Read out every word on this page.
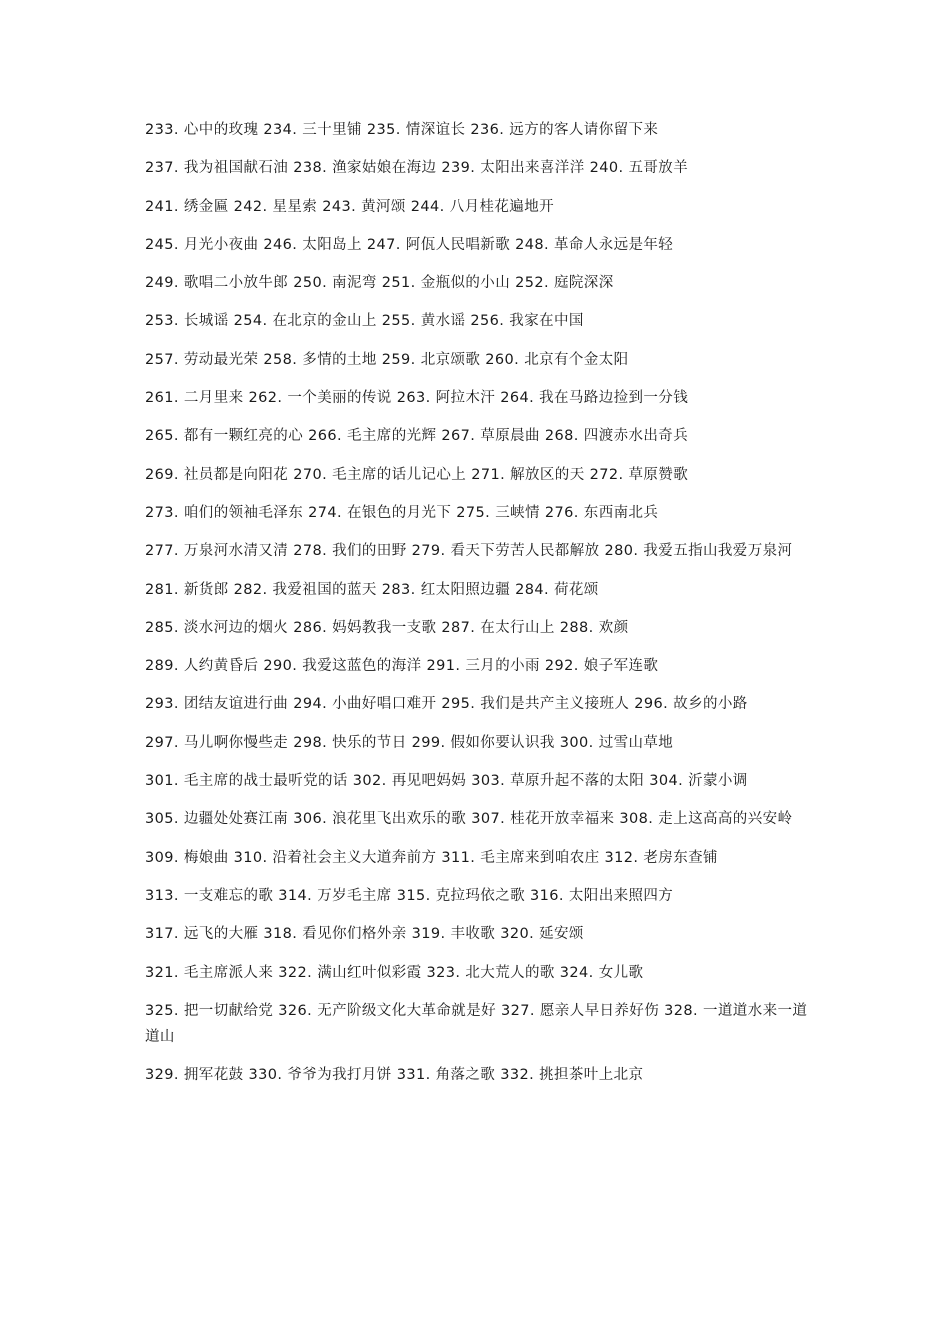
233. 心中的玫瑰 234. 三十里铺 235. 情深谊长 236. 远方的客人请你留下来

237. 我为祖国献石油 238. 渔家姑娘在海边 239. 太阳出来喜洋洋 240. 五哥放羊

241. 绣金匾 242. 星星索 243. 黄河颂 244. 八月桂花遍地开

245. 月光小夜曲 246. 太阳岛上 247. 阿佤人民唱新歌 248. 革命人永远是年轻

249. 歌唱二小放牛郎 250. 南泥弯 251. 金瓶似的小山 252. 庭院深深

253. 长城谣 254. 在北京的金山上 255. 黄水谣 256. 我家在中国

257. 劳动最光荣 258. 多情的土地 259. 北京颂歌 260. 北京有个金太阳

261. 二月里来 262. 一个美丽的传说 263. 阿拉木汗 264. 我在马路边捡到一分钱

265. 都有一颗红亮的心 266. 毛主席的光辉 267. 草原晨曲 268. 四渡赤水出奇兵

269. 社员都是向阳花 270. 毛主席的话儿记心上 271. 解放区的天 272. 草原赞歌

273. 咱们的领袖毛泽东 274. 在银色的月光下 275. 三峡情 276. 东西南北兵

277. 万泉河水清又清 278. 我们的田野 279. 看天下劳苦人民都解放 280. 我爱五指山我爱万泉河

281. 新货郎 282. 我爱祖国的蓝天 283. 红太阳照边疆 284. 荷花颂

285. 淡水河边的烟火 286. 妈妈教我一支歌 287. 在太行山上 288. 欢颜

289. 人约黄昏后 290. 我爱这蓝色的海洋 291. 三月的小雨 292. 娘子军连歌

293. 团结友谊进行曲 294. 小曲好唱口难开 295. 我们是共产主义接班人 296. 故乡的小路

297. 马儿啊你慢些走 298. 快乐的节日 299. 假如你要认识我 300. 过雪山草地

301. 毛主席的战士最听党的话 302. 再见吧妈妈 303. 草原升起不落的太阳 304. 沂蒙小调

305. 边疆处处赛江南 306. 浪花里飞出欢乐的歌 307. 桂花开放幸福来 308. 走上这高高的兴安岭

309. 梅娘曲 310. 沿着社会主义大道奔前方 311. 毛主席来到咱农庄 312. 老房东查铺

313. 一支难忘的歌 314. 万岁毛主席 315. 克拉玛依之歌 316. 太阳出来照四方

317. 远飞的大雁 318. 看见你们格外亲 319. 丰收歌 320. 延安颂

321. 毛主席派人来 322. 满山红叶似彩霞 323. 北大荒人的歌 324. 女儿歌

325. 把一切献给党 326. 无产阶级文化大革命就是好 327. 愿亲人早日养好伤 328. 一道道水来一道道山

329. 拥军花鼓 330. 爷爷为我打月饼 331. 角落之歌 332. 挑担茶叶上北京
